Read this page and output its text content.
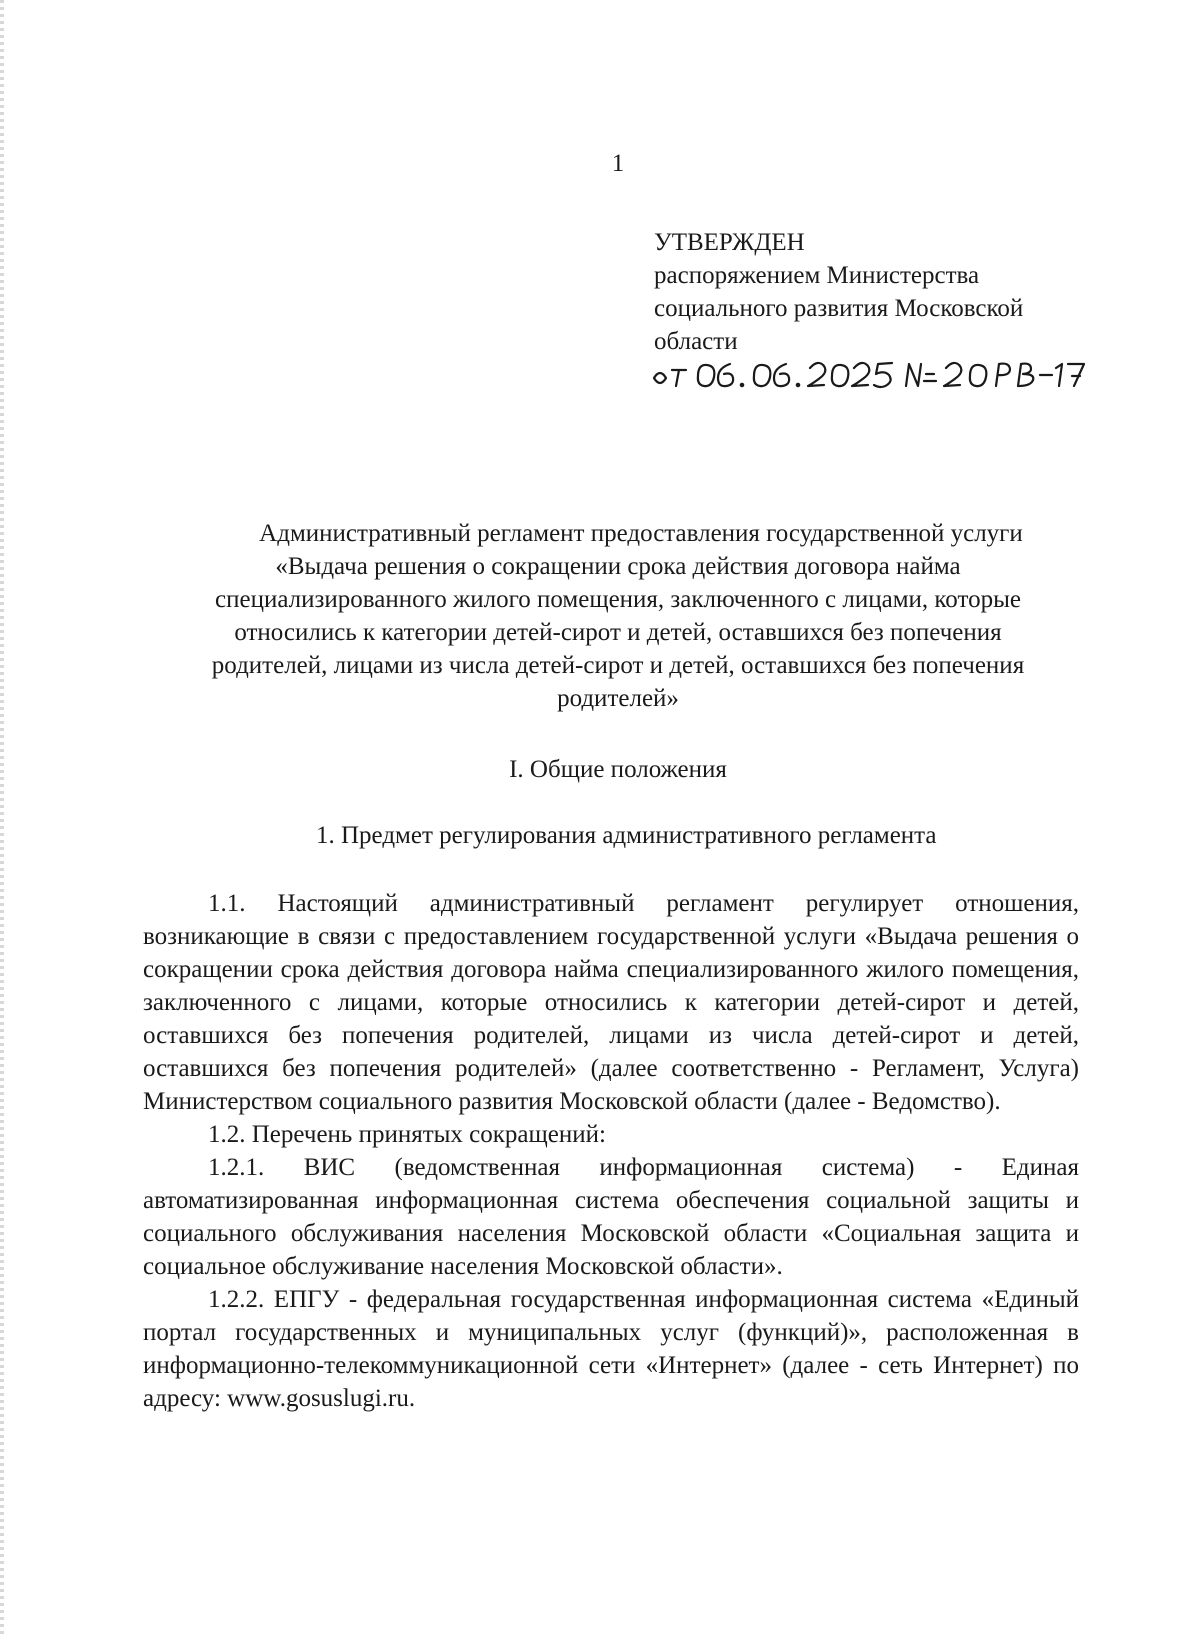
1
УТВЕРЖДЕН
распоряжением Министерства
социального развития Московской
области
Административный регламент предоставления государственной услуги
«Выдача решения о сокращении срока действия договора найма
специализированного жилого помещения, заключенного с лицами, которые
относились к категории детей-сирот и детей, оставшихся без попечения
родителей, лицами из числа детей-сирот и детей, оставшихся без попечения
родителей»
I. Общие положения
1. Предмет регулирования административного регламента

1.1. Настоящий административный регламент регулирует отношения, возникающие в связи с предоставлением государственной услуги «Выдача решения о сокращении срока действия договора найма специализированного жилого помещения, заключенного с лицами, которые относились к категории детей-сирот и детей, оставшихся без попечения родителей, лицами из числа детей-сирот и детей, оставшихся без попечения родителей» (далее соответственно - Регламент, Услуга) Министерством социального развития Московской области (далее - Ведомство).

1.2. Перечень принятых сокращений:

1.2.1. ВИС (ведомственная информационная система) - Единая автоматизированная информационная система обеспечения социальной защиты и социального обслуживания населения Московской области «Социальная защита и социальное обслуживание населения Московской области».

1.2.2. ЕПГУ - федеральная государственная информационная система «Единый портал государственных и муниципальных услуг (функций)», расположенная в информационно-телекоммуникационной сети «Интернет» (далее - сеть Интернет) по адресу: www.gosuslugi.ru.
